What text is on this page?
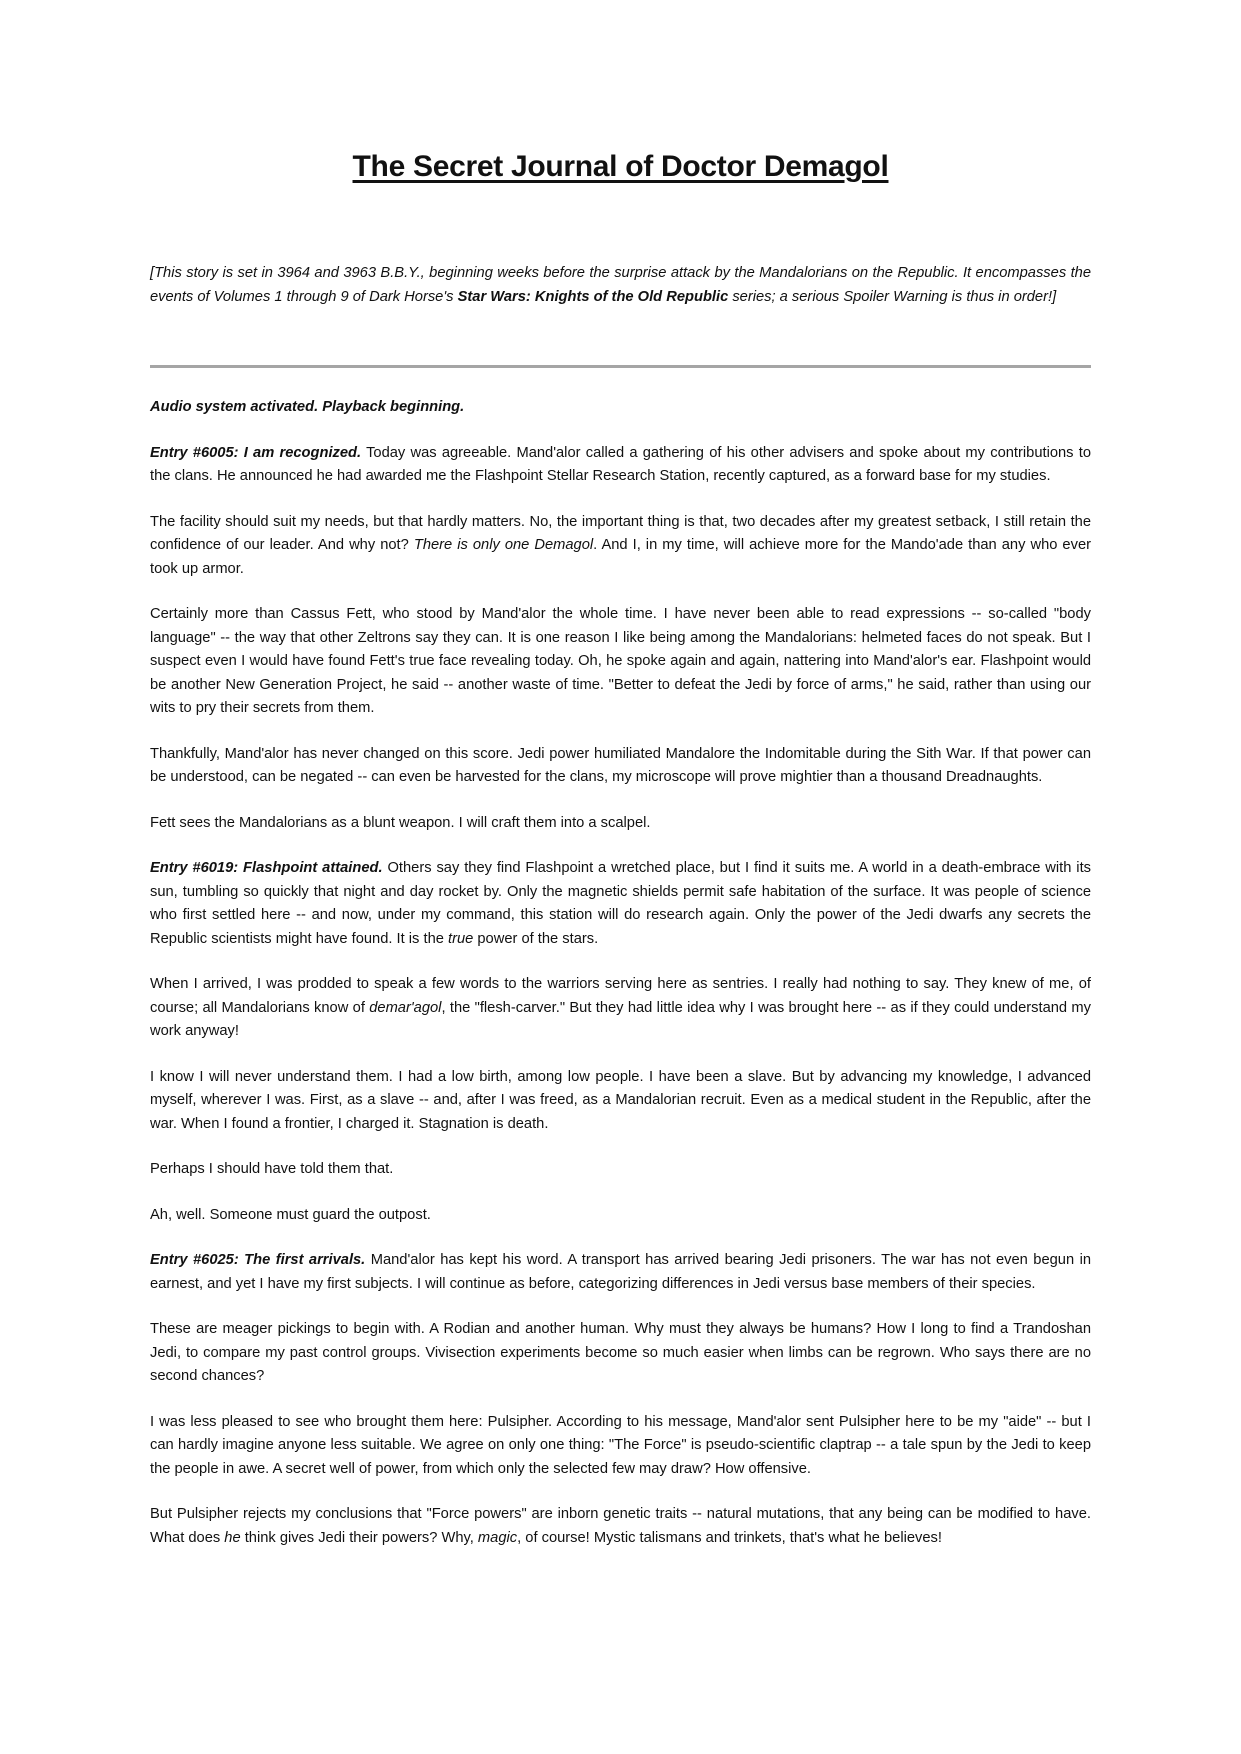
The Secret Journal of Doctor Demagol

[This story is set in 3964 and 3963 B.B.Y., beginning weeks before the surprise attack by the Mandalorians on the Republic. It encompasses the events of Volumes 1 through 9 of Dark Horse's Star Wars: Knights of the Old Republic series; a serious Spoiler Warning is thus in order!]

Audio system activated. Playback beginning.

Entry #6005: I am recognized. Today was agreeable. Mand'alor called a gathering of his other advisers and spoke about my contributions to the clans. He announced he had awarded me the Flashpoint Stellar Research Station, recently captured, as a forward base for my studies.

The facility should suit my needs, but that hardly matters. No, the important thing is that, two decades after my greatest setback, I still retain the confidence of our leader. And why not? There is only one Demagol. And I, in my time, will achieve more for the Mando'ade than any who ever took up armor.

Certainly more than Cassus Fett, who stood by Mand'alor the whole time. I have never been able to read expressions -- so-called "body language" -- the way that other Zeltrons say they can. It is one reason I like being among the Mandalorians: helmeted faces do not speak. But I suspect even I would have found Fett's true face revealing today. Oh, he spoke again and again, nattering into Mand'alor's ear. Flashpoint would be another New Generation Project, he said -- another waste of time. "Better to defeat the Jedi by force of arms," he said, rather than using our wits to pry their secrets from them.

Thankfully, Mand'alor has never changed on this score. Jedi power humiliated Mandalore the Indomitable during the Sith War. If that power can be understood, can be negated -- can even be harvested for the clans, my microscope will prove mightier than a thousand Dreadnaughts.

Fett sees the Mandalorians as a blunt weapon. I will craft them into a scalpel.

Entry #6019: Flashpoint attained. Others say they find Flashpoint a wretched place, but I find it suits me. A world in a death-embrace with its sun, tumbling so quickly that night and day rocket by. Only the magnetic shields permit safe habitation of the surface. It was people of science who first settled here -- and now, under my command, this station will do research again. Only the power of the Jedi dwarfs any secrets the Republic scientists might have found. It is the true power of the stars.

When I arrived, I was prodded to speak a few words to the warriors serving here as sentries. I really had nothing to say. They knew of me, of course; all Mandalorians know of demar'agol, the "flesh-carver." But they had little idea why I was brought here -- as if they could understand my work anyway!

I know I will never understand them. I had a low birth, among low people. I have been a slave. But by advancing my knowledge, I advanced myself, wherever I was. First, as a slave -- and, after I was freed, as a Mandalorian recruit. Even as a medical student in the Republic, after the war. When I found a frontier, I charged it. Stagnation is death.

Perhaps I should have told them that.

Ah, well. Someone must guard the outpost.

Entry #6025: The first arrivals. Mand'alor has kept his word. A transport has arrived bearing Jedi prisoners. The war has not even begun in earnest, and yet I have my first subjects. I will continue as before, categorizing differences in Jedi versus base members of their species.

These are meager pickings to begin with. A Rodian and another human. Why must they always be humans? How I long to find a Trandoshan Jedi, to compare my past control groups. Vivisection experiments become so much easier when limbs can be regrown. Who says there are no second chances?

I was less pleased to see who brought them here: Pulsipher. According to his message, Mand'alor sent Pulsipher here to be my "aide" -- but I can hardly imagine anyone less suitable. We agree on only one thing: "The Force" is pseudo-scientific claptrap -- a tale spun by the Jedi to keep the people in awe. A secret well of power, from which only the selected few may draw? How offensive.

But Pulsipher rejects my conclusions that "Force powers" are inborn genetic traits -- natural mutations, that any being can be modified to have. What does he think gives Jedi their powers? Why, magic, of course! Mystic talismans and trinkets, that's what he believes!
